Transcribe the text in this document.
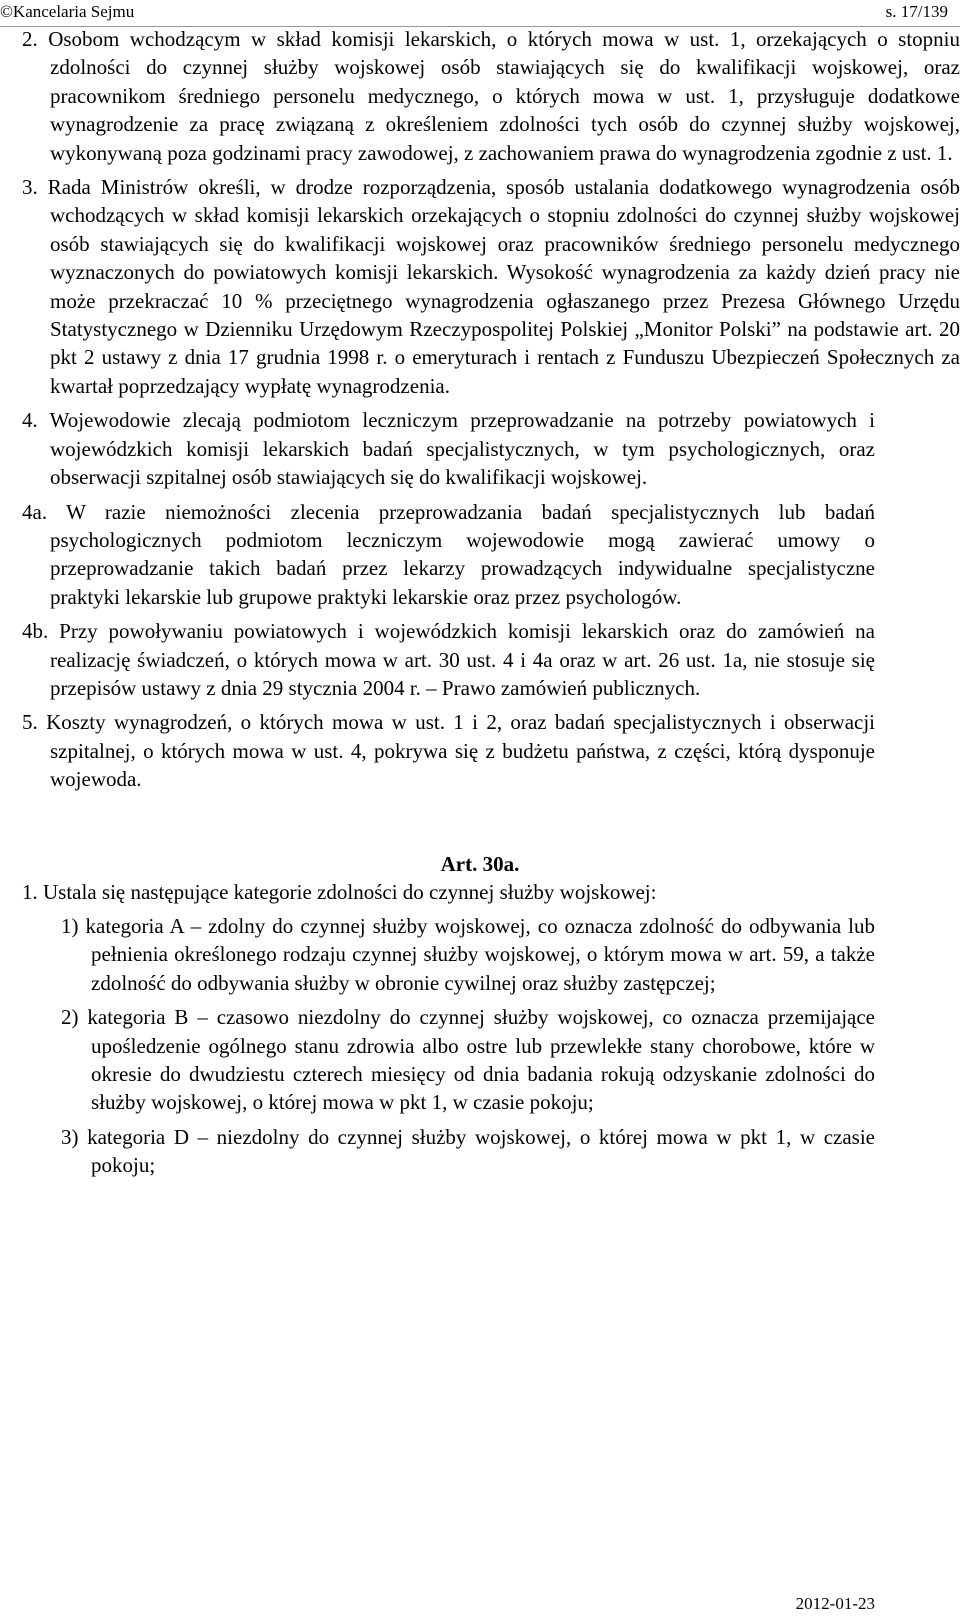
©Kancelaria Sejmu	s. 17/139

2. Osobom wchodzącym w skład komisji lekarskich, o których mowa w ust. 1, orzekających o stopniu zdolności do czynnej służby wojskowej osób stawiających się do kwalifikacji wojskowej, oraz pracownikom średniego personelu medycznego, o których mowa w ust. 1, przysługuje dodatkowe wynagrodzenie za pracę związaną z określeniem zdolności tych osób do czynnej służby wojskowej, wykonywaną poza godzinami pracy zawodowej, z zachowaniem prawa do wynagrodzenia zgodnie z ust. 1.

3. Rada Ministrów określi, w drodze rozporządzenia, sposób ustalania dodatkowego wynagrodzenia osób wchodzących w skład komisji lekarskich orzekających o stopniu zdolności do czynnej służby wojskowej osób stawiających się do kwalifikacji wojskowej oraz pracowników średniego personelu medycznego wyznaczonych do powiatowych komisji lekarskich. Wysokość wynagrodzenia za każdy dzień pracy nie może przekraczać 10 % przeciętnego wynagrodzenia ogłaszanego przez Prezesa Głównego Urzędu Statystycznego w Dzienniku Urzędowym Rzeczypospolitej Polskiej „Monitor Polski” na podstawie art. 20 pkt 2 ustawy z dnia 17 grudnia 1998 r. o emeryturach i rentach z Funduszu Ubezpieczeń Społecznych za kwartał poprzedzający wypłatę wynagrodzenia.

4. Wojewodowie zlecają podmiotom leczniczym przeprowadzanie na potrzeby powiatowych i wojewódzkich komisji lekarskich badań specjalistycznych, w tym psychologicznych, oraz obserwacji szpitalnej osób stawiających się do kwalifikacji wojskowej.

4a. W razie niemożności zlecenia przeprowadzania badań specjalistycznych lub badań psychologicznych podmiotom leczniczym wojewodowie mogą zawierać umowy o przeprowadzanie takich badań przez lekarzy prowadzących indywidualne specjalistyczne praktyki lekarskie lub grupowe praktyki lekarskie oraz przez psychologów.

4b. Przy powoływaniu powiatowych i wojewódzkich komisji lekarskich oraz do zamówień na realizację świadczeń, o których mowa w art. 30 ust. 4 i 4a oraz w art. 26 ust. 1a, nie stosuje się przepisów ustawy z dnia 29 stycznia 2004 r. – Prawo zamówień publicznych.

5. Koszty wynagrodzeń, o których mowa w ust. 1 i 2, oraz badań specjalistycznych i obserwacji szpitalnej, o których mowa w ust. 4, pokrywa się z budżetu państwa, z części, którą dysponuje wojewoda.

Art. 30a.

1. Ustala się następujące kategorie zdolności do czynnej służby wojskowej:

1) kategoria A – zdolny do czynnej służby wojskowej, co oznacza zdolność do odbywania lub pełnienia określonego rodzaju czynnej służby wojskowej, o którym mowa w art. 59, a także zdolność do odbywania służby w obronie cywilnej oraz służby zastępczej;

2) kategoria B – czasowo niezdolny do czynnej służby wojskowej, co oznacza przemijające upośledzenie ogólnego stanu zdrowia albo ostre lub przewlekłe stany chorobowe, które w okresie do dwudziestu czterech miesięcy od dnia badania rokują odzyskanie zdolności do służby wojskowej, o której mowa w pkt 1, w czasie pokoju;

3) kategoria D – niezdolny do czynnej służby wojskowej, o której mowa w pkt 1, w czasie pokoju;

2012-01-23
